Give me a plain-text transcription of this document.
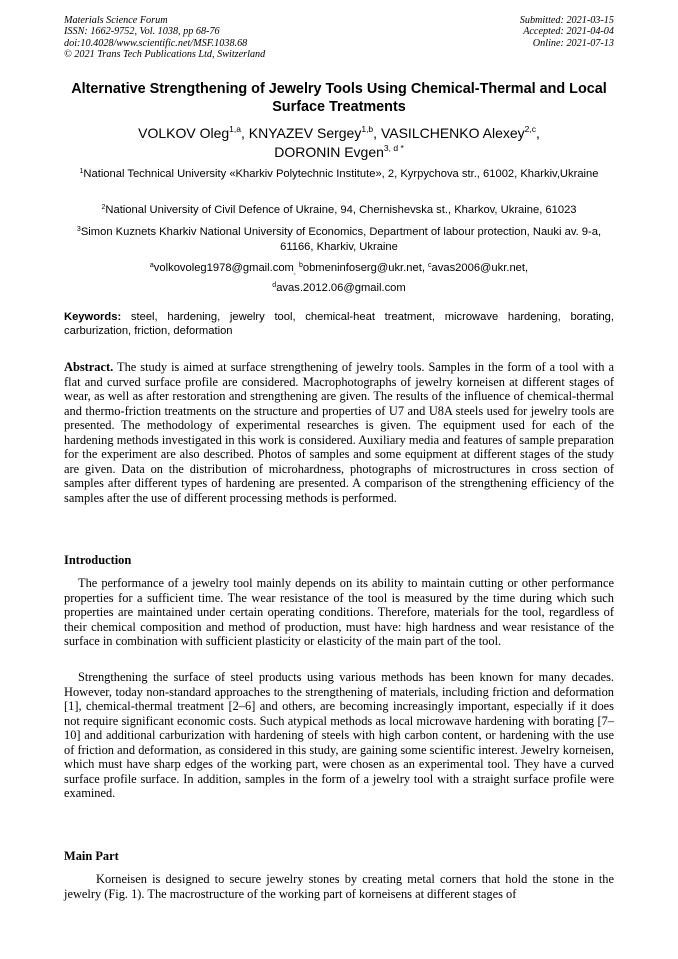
Materials Science Forum
ISSN: 1662-9752, Vol. 1038, pp 68-76
doi:10.4028/www.scientific.net/MSF.1038.68
© 2021 Trans Tech Publications Ltd, Switzerland
Submitted: 2021-03-15
Accepted: 2021-04-04
Online: 2021-07-13
Alternative Strengthening of Jewelry Tools Using Chemical-Thermal and Local Surface Treatments
VOLKOV Oleg$^{1,a}$, KNYAZEV Sergey$^{1,b}$, VASILCHENKO Alexey$^{2,c}$,
DORONIN Evgen$^{3, d *}$
$^1$National Technical University «Kharkiv Polytechnic Institute», 2, Kyrpychova str., 61002, Kharkiv,Ukraine
$^2$National University of Civil Defence of Ukraine, 94, Chernishevska st., Kharkov, Ukraine, 61023
$^3$Simon Kuznets Kharkiv National University of Economics, Department of labour protection, Nauki av. 9-a, 61166, Kharkiv, Ukraine
$^a$volkovoleg1978@gmail.com$_,$ $^b$obmeninfoserg@ukr.net, $^c$avas2006@ukr.net,
$^d$avas.2012.06@gmail.com
Keywords: steel, hardening, jewelry tool, chemical-heat treatment, microwave hardening, borating, carburization, friction, deformation
Abstract. The study is aimed at surface strengthening of jewelry tools. Samples in the form of a tool with a flat and curved surface profile are considered. Macrophotographs of jewelry korneisen at different stages of wear, as well as after restoration and strengthening are given. The results of the influence of chemical-thermal and thermo-friction treatments on the structure and properties of U7 and U8A steels used for jewelry tools are presented. The methodology of experimental researches is given. The equipment used for each of the hardening methods investigated in this work is considered. Auxiliary media and features of sample preparation for the experiment are also described. Photos of samples and some equipment at different stages of the study are given. Data on the distribution of microhardness, photographs of microstructures in cross section of samples after different types of hardening are presented. A comparison of the strengthening efficiency of the samples after the use of different processing methods is performed.
Introduction
The performance of a jewelry tool mainly depends on its ability to maintain cutting or other performance properties for a sufficient time. The wear resistance of the tool is measured by the time during which such properties are maintained under certain operating conditions. Therefore, materials for the tool, regardless of their chemical composition and method of production, must have: high hardness and wear resistance of the surface in combination with sufficient plasticity or elasticity of the main part of the tool.
Strengthening the surface of steel products using various methods has been known for many decades. However, today non-standard approaches to the strengthening of materials, including friction and deformation [1], chemical-thermal treatment [2–6] and others, are becoming increasingly important, especially if it does not require significant economic costs. Such atypical methods as local microwave hardening with borating [7–10] and additional carburization with hardening of steels with high carbon content, or hardening with the use of friction and deformation, as considered in this study, are gaining some scientific interest. Jewelry korneisen, which must have sharp edges of the working part, were chosen as an experimental tool. They have a curved surface profile surface. In addition, samples in the form of a jewelry tool with a straight surface profile were examined.
Main Part
Korneisen is designed to secure jewelry stones by creating metal corners that hold the stone in the jewelry (Fig. 1). The macrostructure of the working part of korneisens at different stages of
